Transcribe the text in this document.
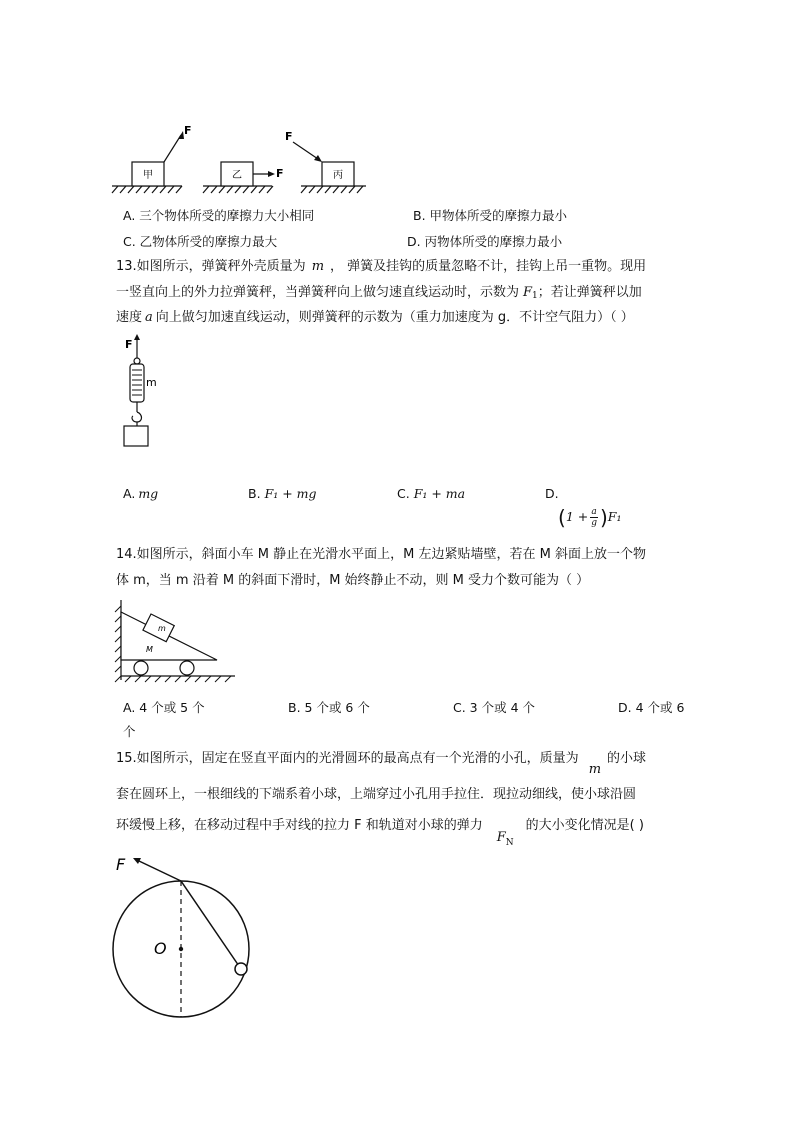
甲
F
乙	F	丙
F
A. 三个物体所受的摩擦力大小相同	B. 甲物体所受的摩擦力最小
C. 乙物体所受的摩擦力最大	D. 丙物体所受的摩擦力最小
13.如图所示，弹簧秤外壳质量为 m ， 弹簧及挂钩的质量忽略不计，挂钩上吊一重物。现用
一竖直向上的外力拉弹簧秤，当弹簧秤向上做匀速直线运动时，示数为 $F_1$；若让弹簧秤以加
速度 a 向上做匀加速直线运动，则弹簧秤的示数为（重力加速度为 g．不计空气阻力）（ ）
F
m
A. mg	B. F₁ + mg	C. F₁ + ma	D.
$(1 + \frac{a}{g} )F_1$
14.如图所示，斜面小车 M 静止在光滑水平面上，M 左边紧贴墙壁，若在 M 斜面上放一个物
体 m，当 m 沿着 M 的斜面下滑时，M 始终静止不动，则 M 受力个数可能为（ ）
m
M
A. 4 个或 5 个	B. 5 个或 6 个	C. 3 个或 4 个	D. 4 个或 6
个
15.如图所示，固定在竖直平面内的光滑圆环的最高点有一个光滑的小孔，质量为m的小球
套在圆环上，一根细线的下端系着小球，上端穿过小孔用手拉住．现拉动细线，使小球沿圆
环缓慢上移，在移动过程中手对线的拉力 F 和轨道对小球的弹力$F_N$的大小变化情况是( )
F
O
